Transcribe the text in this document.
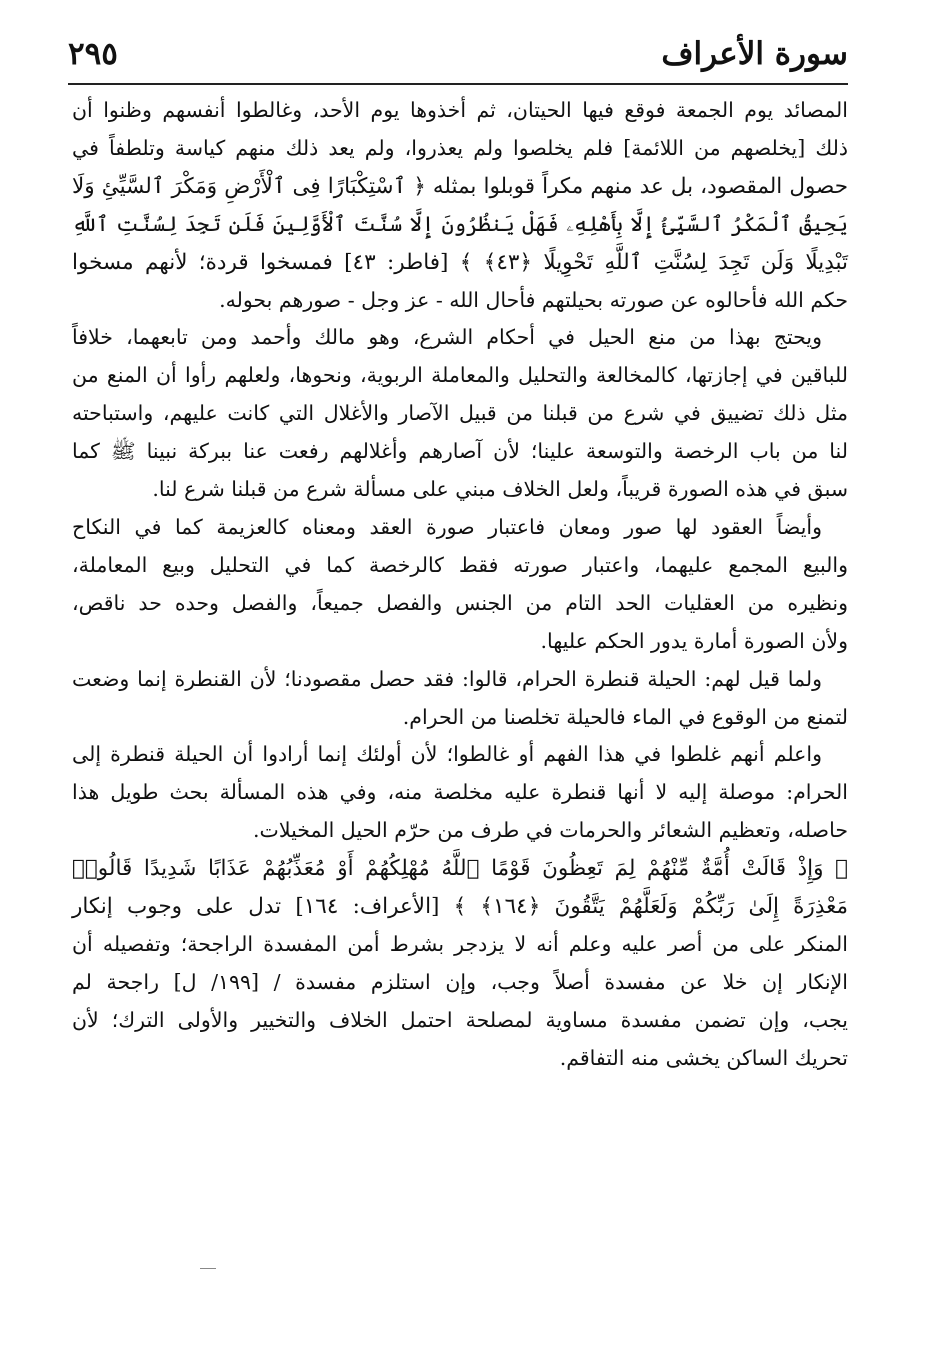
سورة الأعراف
٢٩٥
المصائد يوم الجمعة فوقع فيها الحيتان، ثم أخذوها يوم الأحد، وغالطوا أنفسهم وظنوا أن
ذلك [يخلصهم من اللائمة] فلم يخلصوا ولم يعذروا، ولم يعد ذلك منهم كياسة وتلطفاً في
حصول المقصود، بل عد منهم مكراً قوبلوا بمثله ﴿ ٱسْتِكْبَارًا فِى ٱلْأَرْضِ وَمَكْرَ ٱلسَّيِّئِ وَلَا
يَحِيقُ ٱلْمَكْرُ ٱلسَّيِّئُ إِلَّا بِأَهْلِهِۦ فَهَلْ يَنظُرُونَ إِلَّا سُنَّتَ ٱلْأَوَّلِينَ فَلَن تَجِدَ لِسُنَّتِ ٱللَّهِ
تَبْدِيلًا وَلَن تَجِدَ لِسُنَّتِ ٱللَّهِ تَحْوِيلًا ﴿٤٣﴾ ﴾ [فاطر: ٤٣] فمسخوا قردة؛ لأنهم مسخوا
حكم الله فأحالوه عن صورته بحيلتهم فأحال الله - عز وجل - صورهم بحوله.
ويحتج بهذا من منع الحيل في أحكام الشرع، وهو مالك وأحمد ومن تابعهما، خلافاً
للباقين في إجازتها، كالمخالعة والتحليل والمعاملة الربوية، ونحوها، ولعلهم رأوا أن المنع من
مثل ذلك تضييق في شرع من قبلنا من قبيل الآصار والأغلال التي كانت عليهم، واستباحته
لنا من باب الرخصة والتوسعة علينا؛ لأن آصارهم وأغلالهم رفعت عنا ببركة نبينا ﷺ كما
سبق في هذه الصورة قريباً، ولعل الخلاف مبني على مسألة شرع من قبلنا شرع لنا.
وأيضاً العقود لها صور ومعان فاعتبار صورة العقد ومعناه كالعزيمة كما في النكاح
والبيع المجمع عليهما، واعتبار صورته فقط كالرخصة كما في التحليل وبيع المعاملة،
ونظيره من العقليات الحد التام من الجنس والفصل جميعاً، والفصل وحده حد ناقص،
ولأن الصورة أمارة يدور الحكم عليها.
ولما قيل لهم: الحيلة قنطرة الحرام، قالوا: فقد حصل مقصودنا؛ لأن القنطرة إنما وضعت
لتمنع من الوقوع في الماء فالحيلة تخلصنا من الحرام.
واعلم أنهم غلطوا في هذا الفهم أو غالطوا؛ لأن أولئك إنما أرادوا أن الحيلة قنطرة إلى
الحرام: موصلة إليه لا أنها قنطرة عليه مخلصة منه، وفي هذه المسألة بحث طويل هذا
حاصله، وتعظيم الشعائر والحرمات في طرف من حرّم الحيل المخيلات.
﴿ وَإِذْ قَالَتْ أُمَّةٌ مِّنْهُمْ لِمَ تَعِظُونَ قَوْمًا ٱللَّهُ مُهْلِكُهُمْ أَوْ مُعَذِّبُهُمْ عَذَابًا شَدِيدًا قَالُوا۟
مَعْذِرَةً إِلَىٰ رَبِّكُمْ وَلَعَلَّهُمْ يَتَّقُونَ ﴿١٦٤﴾ ﴾ [الأعراف: ١٦٤] تدل على وجوب إنكار
المنكر على من أصر عليه وعلم أنه لا يزدجر بشرط أمن المفسدة الراجحة؛ وتفصيله أن
الإنكار إن خلا عن مفسدة أصلاً وجب، وإن استلزم مفسدة / [١٩٩/ ل] راجحة لم
يجب، وإن تضمن مفسدة مساوية لمصلحة احتمل الخلاف والتخيير والأولى الترك؛ لأن
تحريك الساكن يخشى منه التفاقم.
